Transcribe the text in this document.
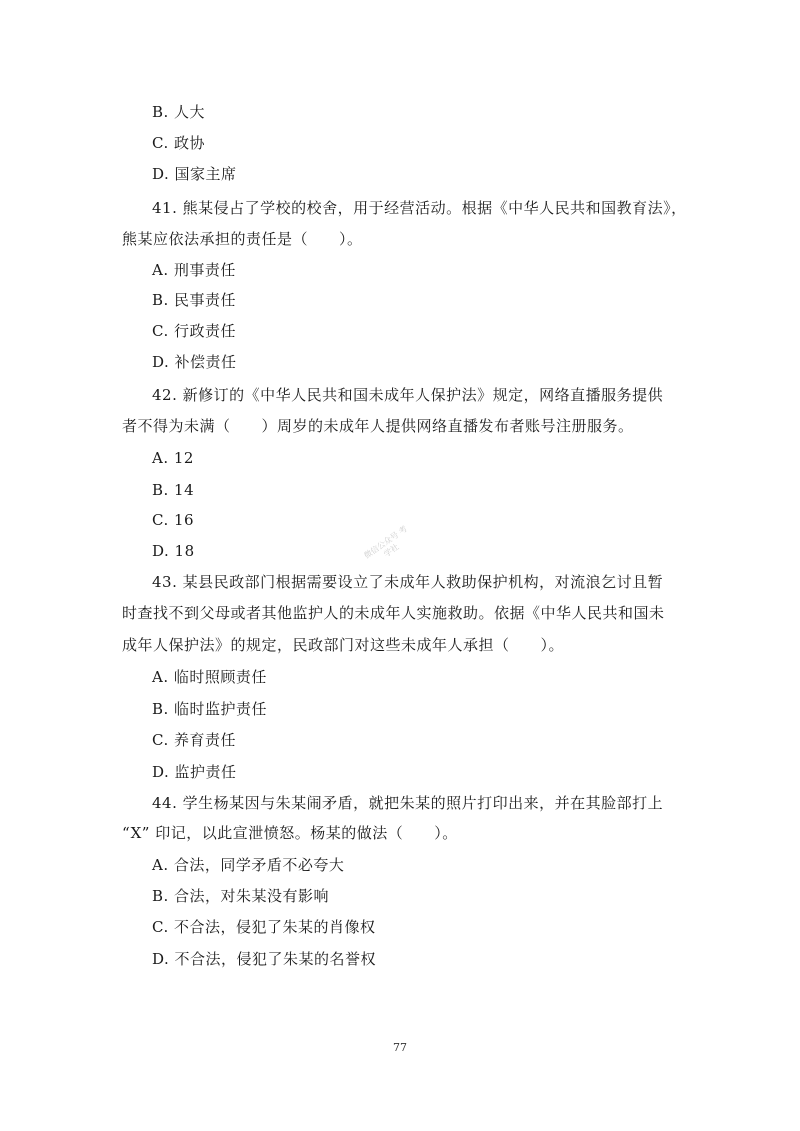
B. 人大
C. 政协
D. 国家主席
41. 熊某侵占了学校的校舍，用于经营活动。根据《中华人民共和国教育法》，
熊某应依法承担的责任是（　　）。
A. 刑事责任
B. 民事责任
C. 行政责任
D. 补偿责任
42. 新修订的《中华人民共和国未成年人保护法》规定，网络直播服务提供
者不得为未满（　　）周岁的未成年人提供网络直播发布者账号注册服务。
A. 12
B. 14
C. 16
D. 18
43. 某县民政部门根据需要设立了未成年人救助保护机构，对流浪乞讨且暂
时查找不到父母或者其他监护人的未成年人实施救助。依据《中华人民共和国未
成年人保护法》的规定，民政部门对这些未成年人承担（　　）。
A. 临时照顾责任
B. 临时监护责任
C. 养育责任
D. 监护责任
44. 学生杨某因与朱某闹矛盾，就把朱某的照片打印出来，并在其脸部打上
“X” 印记，以此宣泄愤怒。杨某的做法（　　）。
A. 合法，同学矛盾不必夸大
B. 合法，对朱某没有影响
C. 不合法，侵犯了朱某的肖像权
D. 不合法，侵犯了朱某的名誉权
微信公众号 考学社
77
